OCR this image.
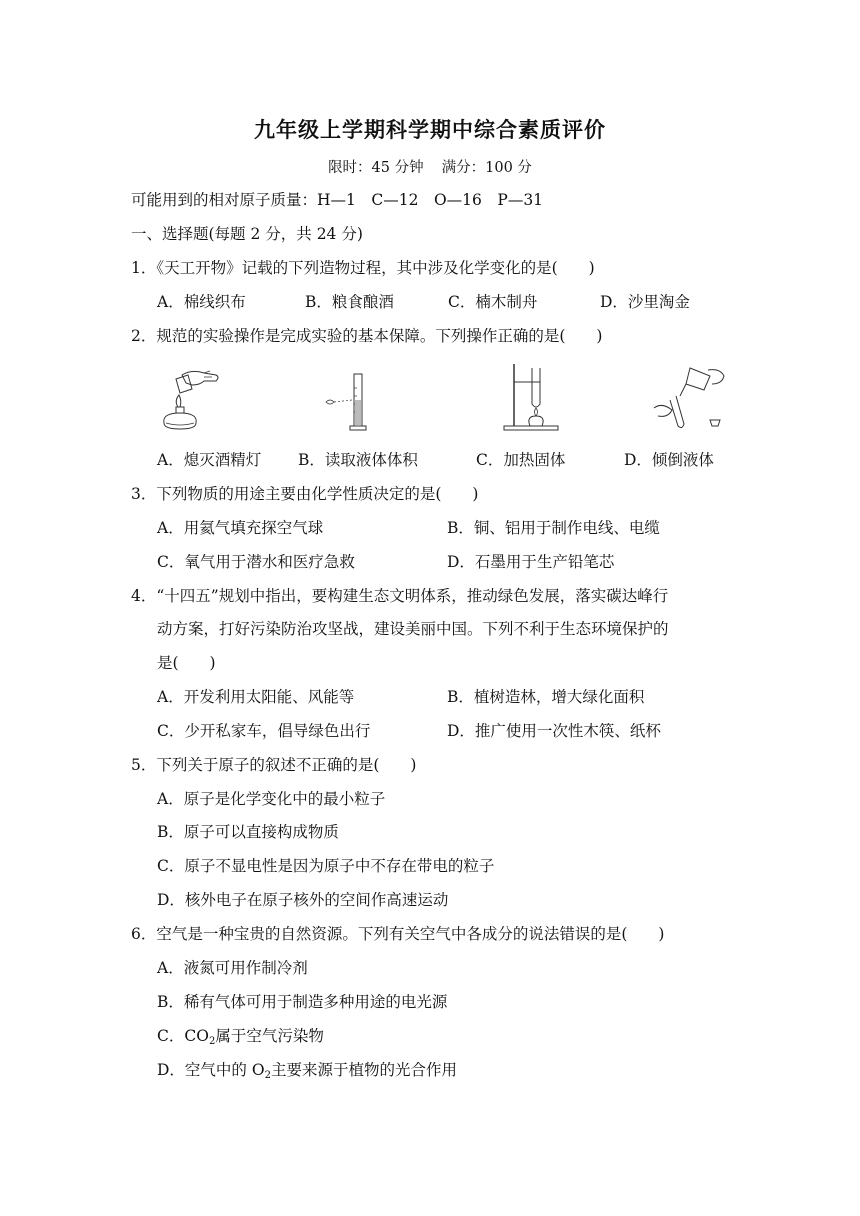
九年级上学期科学期中综合素质评价
限时：45 分钟 满分：100 分
可能用到的相对原子质量：H—1　C—12　O—16　P—31
一、选择题(每题 2 分，共 24 分)
1．《天工开物》记载的下列造物过程，其中涉及化学变化的是(　　)
A．棉线织布	B．粮食酿酒	C．楠木制舟	D．沙里淘金
2．规范的实验操作是完成实验的基本保障。下列操作正确的是(　　)
A．熄灭酒精灯 B．读取液体体积	C．加热固体	D．倾倒液体
3．下列物质的用途主要由化学性质决定的是(　　)
A．用氦气填充探空气球	B．铜、铝用于制作电线、电缆
C．氧气用于潜水和医疗急救	D．石墨用于生产铅笔芯
4．“十四五”规划中指出，要构建生态文明体系，推动绿色发展，落实碳达峰行
动方案，打好污染防治攻坚战，建设美丽中国。下列不利于生态环境保护的
是(　　)
A．开发利用太阳能、风能等	B．植树造林，增大绿化面积
C．少开私家车，倡导绿色出行	D．推广使用一次性木筷、纸杯
5．下列关于原子的叙述不正确的是(　　)
A．原子是化学变化中的最小粒子
B．原子可以直接构成物质
C．原子不显电性是因为原子中不存在带电的粒子
D．核外电子在原子核外的空间作高速运动
6．空气是一种宝贵的自然资源。下列有关空气中各成分的说法错误的是(　　)
A．液氮可用作制冷剂
B．稀有气体可用于制造多种用途的电光源
C．$CO_2$属于空气污染物
D．空气中的 $O_2$主要来源于植物的光合作用
